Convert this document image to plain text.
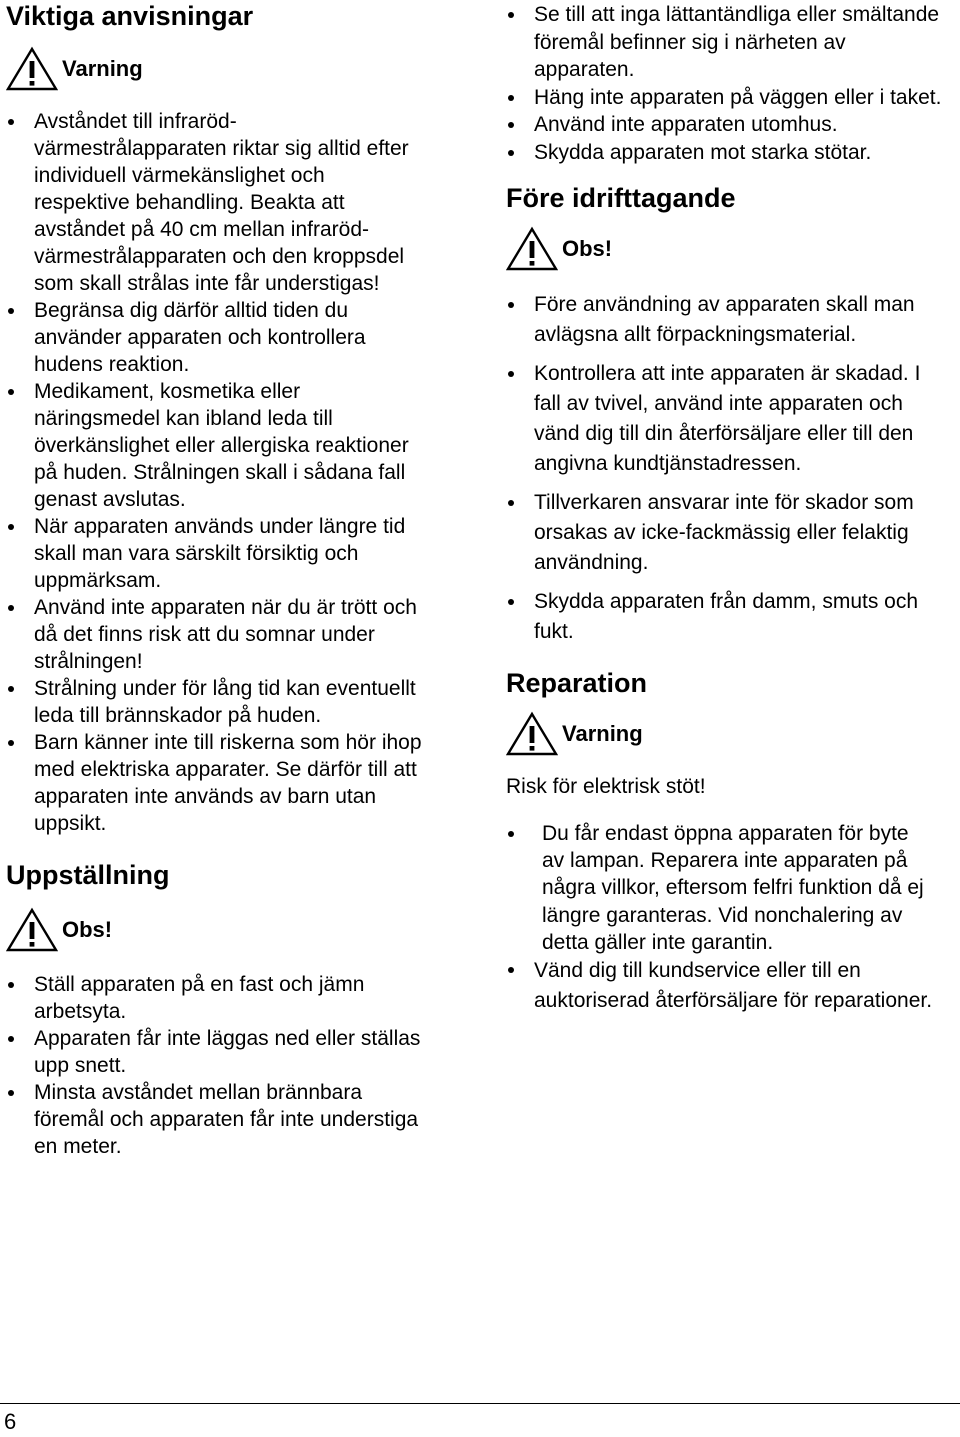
Viktiga anvisningar
Varning
Avståndet till infraröd-värmestrålapparaten riktar sig alltid efter individuell värmekänslighet och respektive behandling. Beakta att avståndet på 40 cm mellan infraröd-värmestrålapparaten och den kroppsdel som skall strålas inte får understigas!
Begränsa dig därför alltid tiden du använder apparaten och kontrollera hudens reaktion.
Medikament, kosmetika eller näringsmedel kan ibland leda till överkänslighet eller allergiska reaktioner på huden. Strålningen skall i sådana fall genast avslutas.
När apparaten används under längre tid skall man vara särskilt försiktig och uppmärksam.
Använd inte apparaten när du är trött och då det finns risk att du somnar under strålningen!
Strålning under för lång tid kan eventuellt leda till brännskador på huden.
Barn känner inte till riskerna som hör ihop med elektriska apparater. Se därför till att apparaten inte används av barn utan uppsikt.
Uppställning
Obs!
Ställ apparaten på en fast och jämn arbetsyta.
Apparaten får inte läggas ned eller ställas upp snett.
Minsta avståndet mellan brännbara föremål och apparaten får inte understiga en meter.
Se till att inga lättantändliga eller smältande föremål befinner sig i närheten av apparaten.
Häng inte apparaten på väggen eller i taket.
Använd inte apparaten utomhus.
Skydda apparaten mot starka stötar.
Före idrifttagande
Obs!
Före användning av apparaten skall man avlägsna allt förpackningsmaterial.
Kontrollera att inte apparaten är skadad. I fall av tvivel, använd inte apparaten och vänd dig till din återförsäljare eller till den angivna kundtjänstadressen.
Tillverkaren ansvarar inte för skador som orsakas av icke-fackmässig eller felaktig användning.
Skydda apparaten från damm, smuts och fukt.
Reparation
Varning

Risk för elektrisk stöt!

Du får endast öppna apparaten för byte av lampan. Reparera inte apparaten på några villkor, eftersom felfri funktion då ej längre garanteras. Vid nonchalering av detta gäller inte garantin.
Vänd dig till kundservice eller till en auktoriserad återförsäljare för reparationer.
6
